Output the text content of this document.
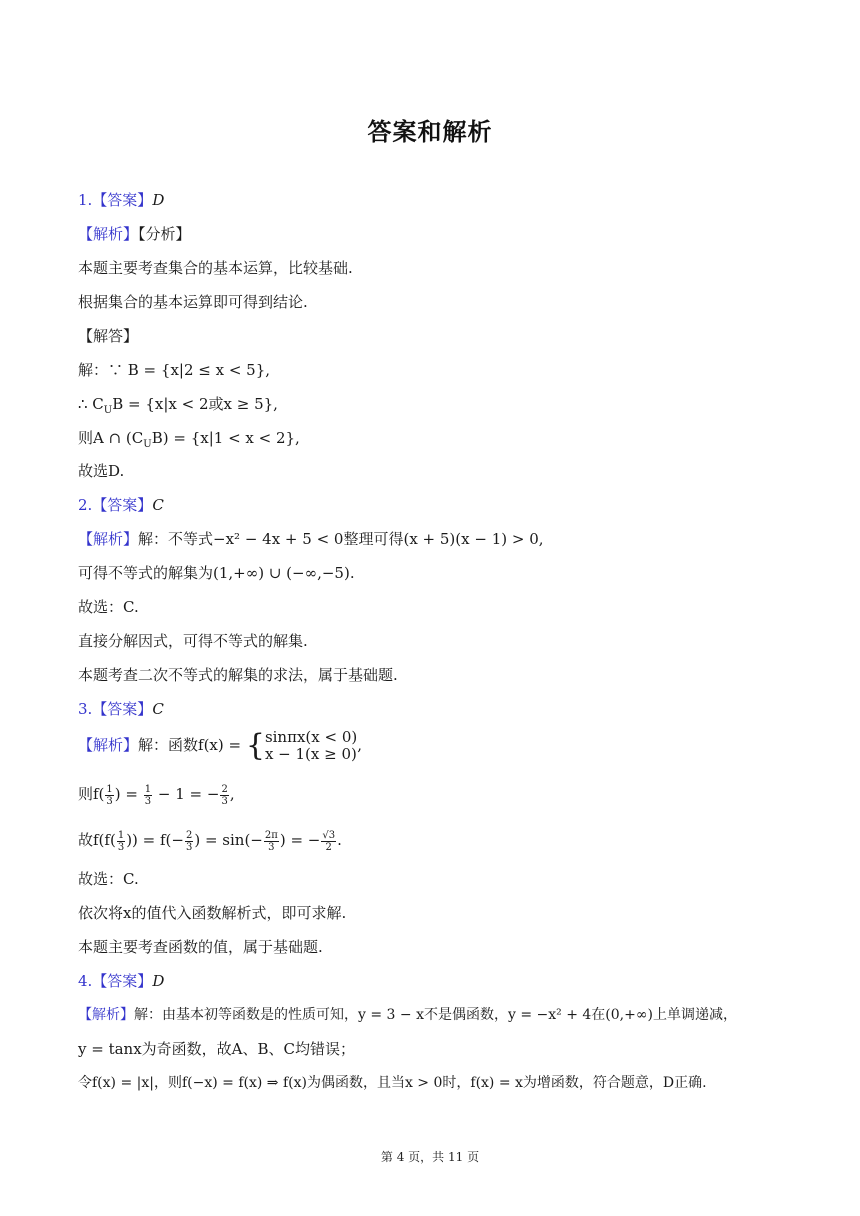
答案和解析
1.【答案】D
【解析】【分析】
本题主要考查集合的基本运算，比较基础.
根据集合的基本运算即可得到结论.
【解答】
解：∵ B = {x|2 ≤ x < 5},
∴ $C_UB = \{x|x < 2$或x ≥ 5},
则A ∩ $(C_UB) = \{x|1 < x < 2\}$,
故选D.
2.【答案】C
【解析】解：不等式−x² − 4x + 5 < 0整理可得(x + 5)(x − 1) > 0,
可得不等式的解集为(1,+∞) ∪ (−∞,−5).
故选：C.
直接分解因式，可得不等式的解集.
本题考查二次不等式的解集的求法，属于基础题.
3.【答案】C
【解析】解：函数f(x) = { sinπx(x < 0)
x − 1(x ≥ 0) ,
则$f( \frac{1}{3}$ ) = $\frac{1}{3} - 1$ = − $\frac{2}{3}$ ,
故$f(f( \frac{1}{3}$ )) = $f(- \frac{2}{3}$ ) = $\sin(- \frac{2\pi}{3}$ ) = − $\frac{√3}{2}$ .
故选：C.
依次将x的值代入函数解析式，即可求解.
本题主要考查函数的值，属于基础题.
4.【答案】D
【解析】解：由基本初等函数是的性质可知，y = 3 − x不是偶函数，y = −x² + 4在(0,+∞)上单调递减，
y = tanx为奇函数，故A、B、C均错误；
令f(x) = |x|，则f(−x) = f(x) ⇒ f(x)为偶函数，且当x > 0时，f(x) = x为增函数，符合题意，D正确.
第 4 页，共 11 页
